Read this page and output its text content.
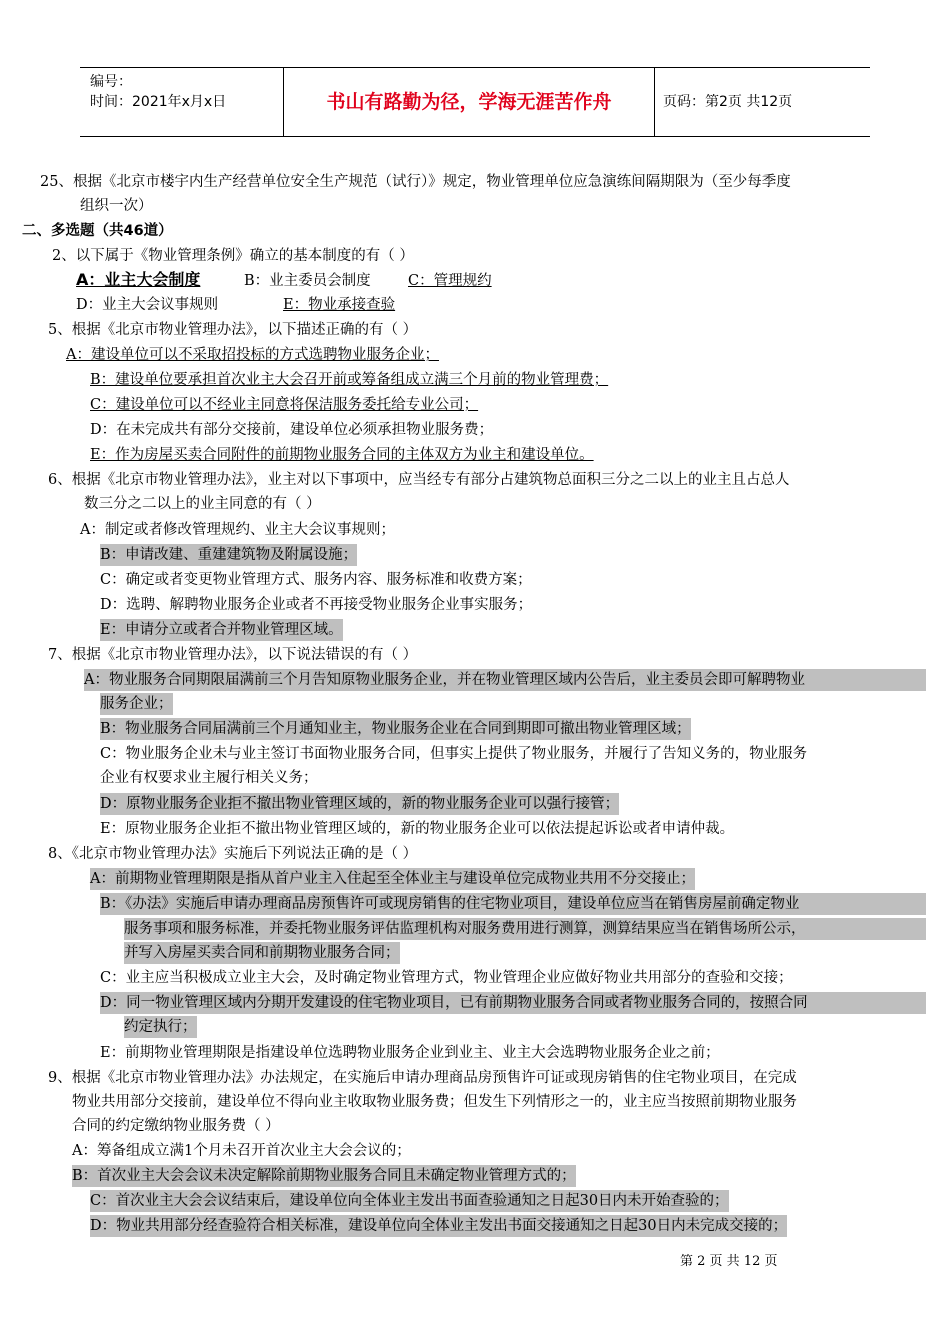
编号：
时间：2021年x月x日	书山有路勤为径，学海无涯苦作舟	页码：第2页 共12页
25、根据《北京市楼宇内生产经营单位安全生产规范（试行）》规定，物业管理单位应急演练间隔期限为（至少每季度
组织一次）
二、多选题（共46道）
2、以下属于《物业管理条例》确立的基本制度的有（ ）
A：业主大会制度	B：业主委员会制度	C：管理规约
D：业主大会议事规则	E：物业承接查验
5、根据《北京市物业管理办法》，以下描述正确的有（ ）
A：建设单位可以不采取招投标的方式选聘物业服务企业；
B：建设单位要承担首次业主大会召开前或筹备组成立满三个月前的物业管理费；
C：建设单位可以不经业主同意将保洁服务委托给专业公司；
D：在未完成共有部分交接前，建设单位必须承担物业服务费；
E：作为房屋买卖合同附件的前期物业服务合同的主体双方为业主和建设单位。
6、根据《北京市物业管理办法》，业主对以下事项中，应当经专有部分占建筑物总面积三分之二以上的业主且占总人
数三分之二以上的业主同意的有（ ）
A：制定或者修改管理规约、业主大会议事规则；
B：申请改建、重建建筑物及附属设施；
C：确定或者变更物业管理方式、服务内容、服务标准和收费方案；
D：选聘、解聘物业服务企业或者不再接受物业服务企业事实服务；
E：申请分立或者合并物业管理区域。
7、根据《北京市物业管理办法》，以下说法错误的有（ ）
A：物业服务合同期限届满前三个月告知原物业服务企业，并在物业管理区域内公告后，业主委员会即可解聘物业
服务企业；
B：物业服务合同届满前三个月通知业主，物业服务企业在合同到期即可撤出物业管理区域；
C：物业服务企业未与业主签订书面物业服务合同，但事实上提供了物业服务，并履行了告知义务的，物业服务
企业有权要求业主履行相关义务；
D：原物业服务企业拒不撤出物业管理区域的，新的物业服务企业可以强行接管；
E：原物业服务企业拒不撤出物业管理区域的，新的物业服务企业可以依法提起诉讼或者申请仲裁。
8、《北京市物业管理办法》实施后下列说法正确的是（ ）
A：前期物业管理期限是指从首户业主入住起至全体业主与建设单位完成物业共用不分交接止；
B：《办法》实施后申请办理商品房预售许可或现房销售的住宅物业项目，建设单位应当在销售房屋前确定物业
服务事项和服务标准，并委托物业服务评估监理机构对服务费用进行测算，测算结果应当在销售场所公示，
并写入房屋买卖合同和前期物业服务合同；
C：业主应当积极成立业主大会，及时确定物业管理方式，物业管理企业应做好物业共用部分的查验和交接；
D：同一物业管理区域内分期开发建设的住宅物业项目，已有前期物业服务合同或者物业服务合同的，按照合同
约定执行；
E：前期物业管理期限是指建设单位选聘物业服务企业到业主、业主大会选聘物业服务企业之前；
9、根据《北京市物业管理办法》办法规定，在实施后申请办理商品房预售许可证或现房销售的住宅物业项目，在完成
物业共用部分交接前，建设单位不得向业主收取物业服务费；但发生下列情形之一的，业主应当按照前期物业服务
合同的约定缴纳物业服务费（ ）
A：筹备组成立满1个月未召开首次业主大会会议的；
B：首次业主大会会议未决定解除前期物业服务合同且未确定物业管理方式的；
C：首次业主大会会议结束后，建设单位向全体业主发出书面查验通知之日起30日内未开始查验的；
D：物业共用部分经查验符合相关标准，建设单位向全体业主发出书面交接通知之日起30日内未完成交接的；
第 2 页 共 12 页
